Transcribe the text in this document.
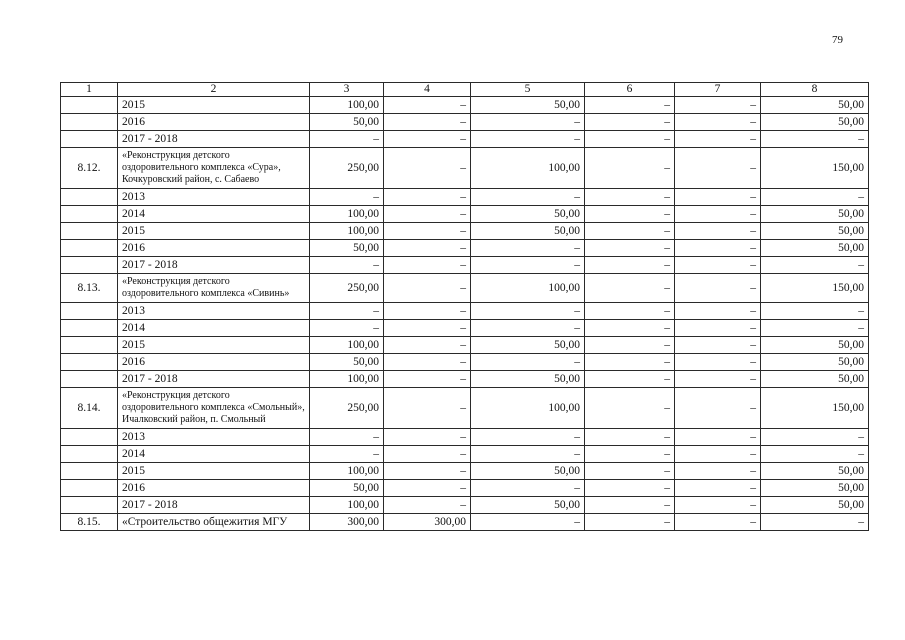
79
1	2	3	4	5	6	7	8
	2015	100,00	–	50,00	–	–	50,00
	2016	50,00	–	–	–	–	50,00
	2017 - 2018	–	–	–	–	–	–
8.12.	«Реконструкция детского оздоровительного комплекса «Сура», Кочкуровский район, с. Сабаево	250,00	–	100,00	–	–	150,00
	2013	–	–	–	–	–	–
	2014	100,00	–	50,00	–	–	50,00
	2015	100,00	–	50,00	–	–	50,00
	2016	50,00	–	–	–	–	50,00
	2017 - 2018	–	–	–	–	–	–
8.13.	«Реконструкция детского оздоровительного комплекса «Сивинь»	250,00	–	100,00	–	–	150,00
	2013	–	–	–	–	–	–
	2014	–	–	–	–	–	–
	2015	100,00	–	50,00	–	–	50,00
	2016	50,00	–	–	–	–	50,00
	2017 - 2018	100,00	–	50,00	–	–	50,00
8.14.	«Реконструкция детского оздоровительного комплекса «Смольный», Ичалковский район, п. Смольный	250,00	–	100,00	–	–	150,00
	2013	–	–	–	–	–	–
	2014	–	–	–	–	–	–
	2015	100,00	–	50,00	–	–	50,00
	2016	50,00	–	–	–	–	50,00
	2017 - 2018	100,00	–	50,00	–	–	50,00
8.15.	«Строительство общежития МГУ	300,00	300,00	–	–	–	–
